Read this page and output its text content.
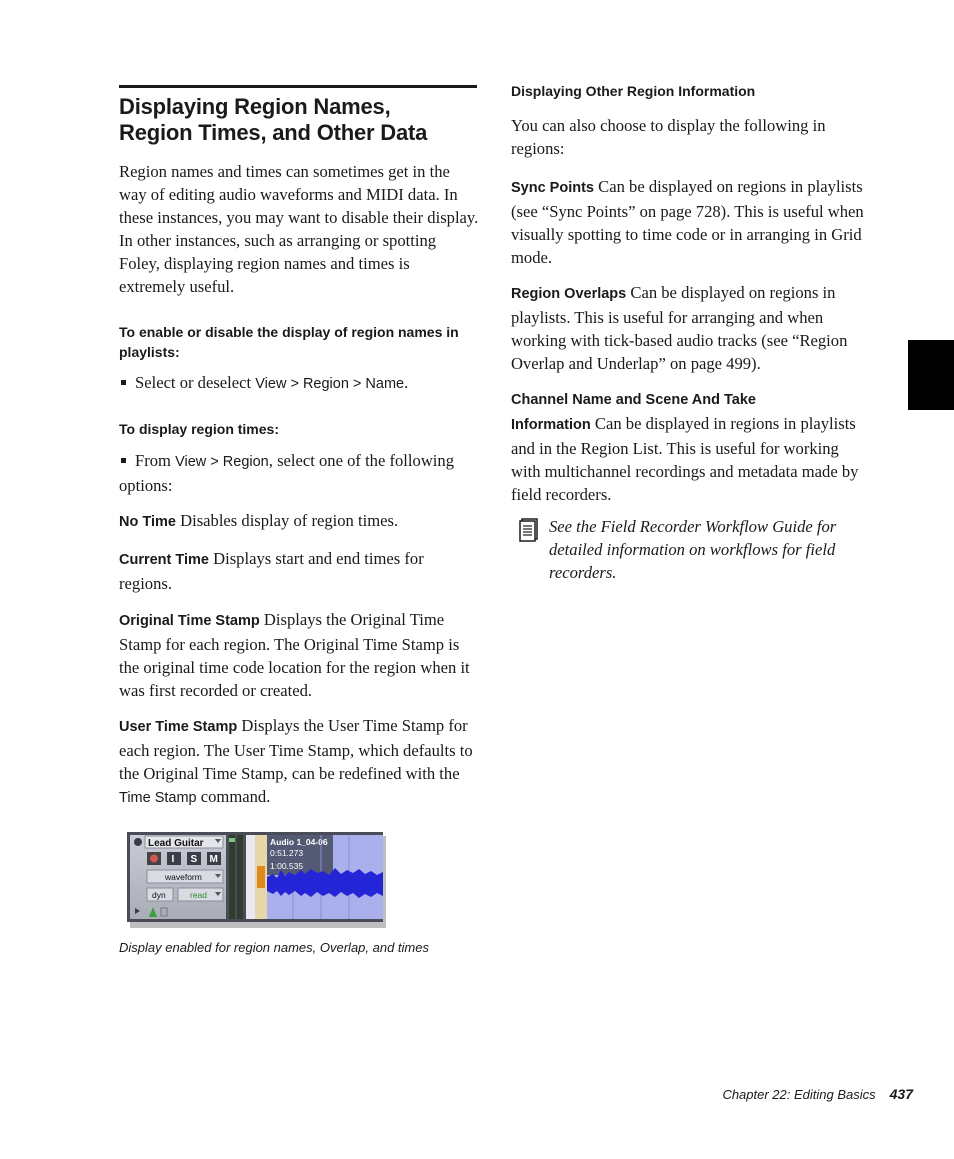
Displaying Region Names,
Region Times, and Other Data

Region names and times can sometimes get in the way of editing audio waveforms and MIDI data. In these instances, you may want to disable their display. In other instances, such as arranging or spotting Foley, displaying region names and times is extremely useful.

To enable or disable the display of region names in playlists:

Select or deselect View > Region > Name.

To display region times:

From View > Region, select one of the following options:

No Time Disables display of region times.

Current Time Displays start and end times for regions.

Original Time Stamp Displays the Original Time Stamp for each region. The Original Time Stamp is the original time code location for the region when it was first recorded or created.

User Time Stamp Displays the User Time Stamp for each region. The User Time Stamp, which defaults to the Original Time Stamp, can be redefined with the Time Stamp command.

Lead Guitar
I S M
waveform
dyn	read
Audio 1_04-06
0:51.273
1:00.535
Display enabled for region names, Overlap, and times

Displaying Other Region Information

You can also choose to display the following in regions:

Sync Points Can be displayed on regions in playlists (see “Sync Points” on page 728). This is useful when visually spotting to time code or in arranging in Grid mode.

Region Overlaps Can be displayed on regions in playlists. This is useful for arranging and when working with tick-based audio tracks (see “Region Overlap and Underlap” on page 499).

Channel Name and Scene And Take
Information Can be displayed in regions in playlists and in the Region List. This is useful for working with multichannel recordings and metadata made by field recorders.

See the Field Recorder Workflow Guide for detailed information on workflows for field recorders.

Chapter 22: Editing Basics 437
